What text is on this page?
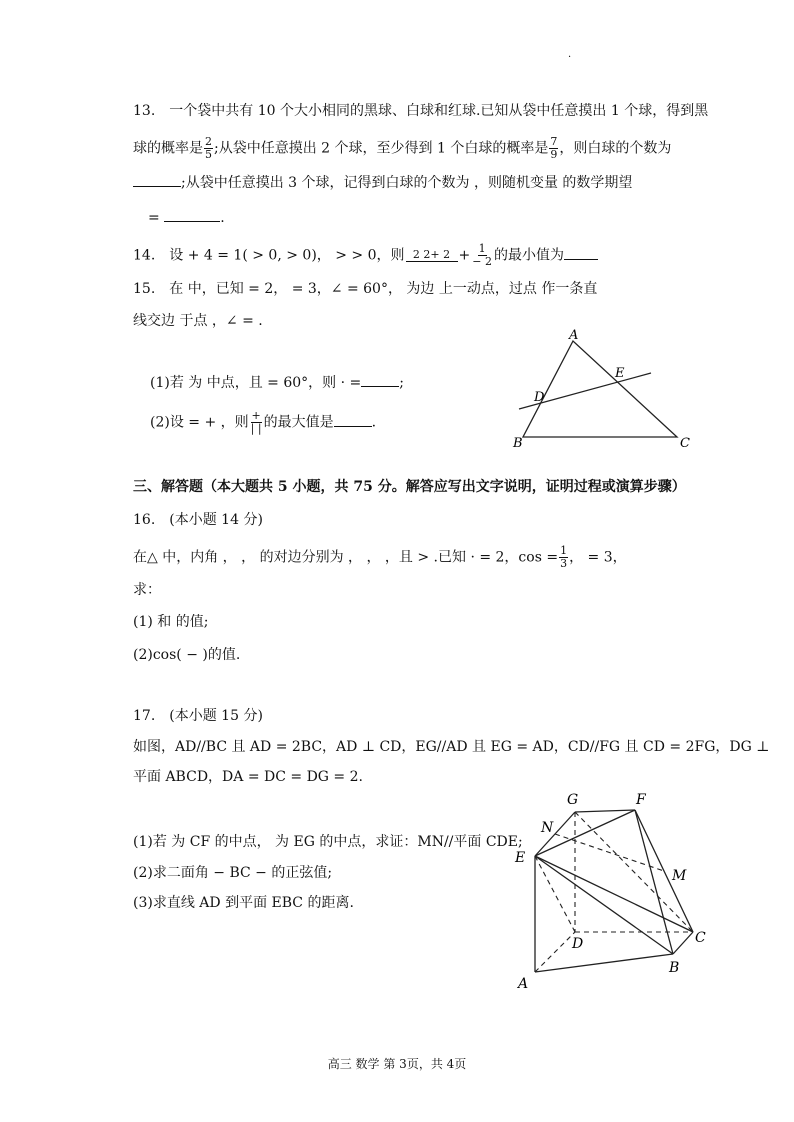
·
13.　一个袋中共有 10 个大小相同的黑球、白球和红球.已知从袋中任意摸出 1 个球，得到黑
球的概率是 $\frac{2}{5}$ ;从袋中任意摸出 2 个球，至少得到 1 个白球的概率是 $\frac{7}{9}$ ，则白球的个数为
;从袋中任意摸出 3 个球，记得到白球的个数为 ，则随机变量 的数学期望
=	.
14.　设 + 4 = 1( > 0, > 0)， > > 0，则 2 $2+ 2 + \frac{1}{- 2}$ 的最小值为
15.　在 中，已知 = 2， = 3，∠ = 60°， 为边 上一动点，过点 作一条直
线交边 于点 ，∠ = .
(1)若 为 中点，且 = 60°，则 · =	;
(2)设 = + ，则 $\frac{+}{| |}$ 的最大值是	.
A
B	C
D
E
三、解答题（本大题共 5 小题，共 75 分。解答应写出文字说明，证明过程或演算步骤）
16.　(本小题 14 分)
在△ 中，内角 ， ， 的对边分别为 ， ， ，且 > .已知 · = 2，$\cos = \frac{1}{3}$ ， = 3，
求：
(1) 和 的值;
(2)cos( − )的值.
17.　(本小题 15 分)
如图，AD//BC 且 AD = 2BC，AD ⊥ CD，EG//AD 且 EG = AD，CD//FG 且 CD = 2FG，DG ⊥
平面 ABCD，DA = DC = DG = 2.
(1)若 为 CF 的中点， 为 EG 的中点，求证：MN//平面 CDE;
(2)求二面角 − BC − 的正弦值;
(3)求直线 AD 到平面 EBC 的距离.
G	F
N
E
M
D	C
B
A
高三 数学 第 3页，共 4页
